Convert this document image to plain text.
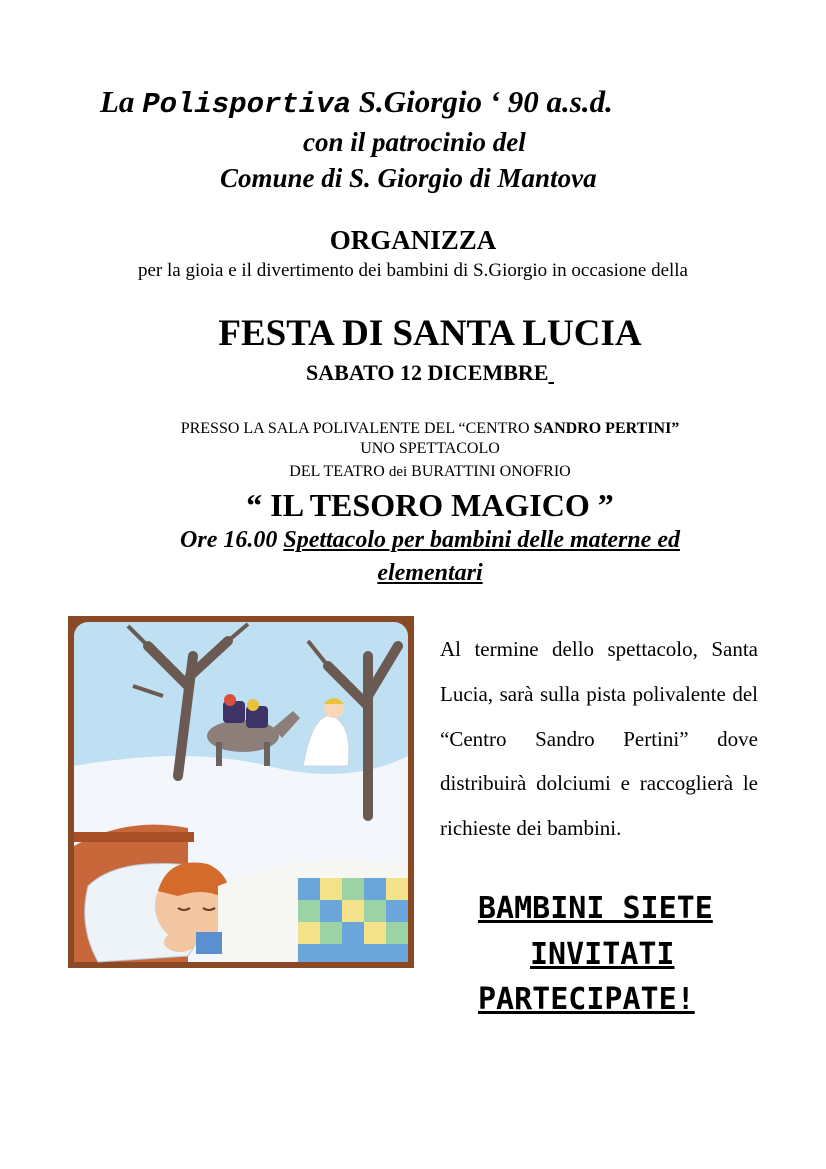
La Polisportiva S.Giorgio ‘ 90 a.s.d.

con il patrocinio del

Comune di S. Giorgio di Mantova

ORGANIZZA

per la gioia e il divertimento dei bambini di S.Giorgio in occasione della

FESTA DI SANTA LUCIA

SABATO 12 DICEMBRE

PRESSO LA SALA POLIVALENTE DEL “CENTRO SANDRO PERTINI”

UNO SPETTACOLO

DEL TEATRO dei BURATTINI ONOFRIO

“ IL TESORO MAGICO ”

Ore 16.00 Spettacolo per bambini delle materne ed

elementari

Al termine dello spettacolo, Santa Lucia, sarà sulla pista polivalente del “Centro Sandro Pertini” dove distribuirà dolciumi e raccoglierà le richieste dei bambini.

BAMBINI SIETE

INVITATI

PARTECIPATE!
